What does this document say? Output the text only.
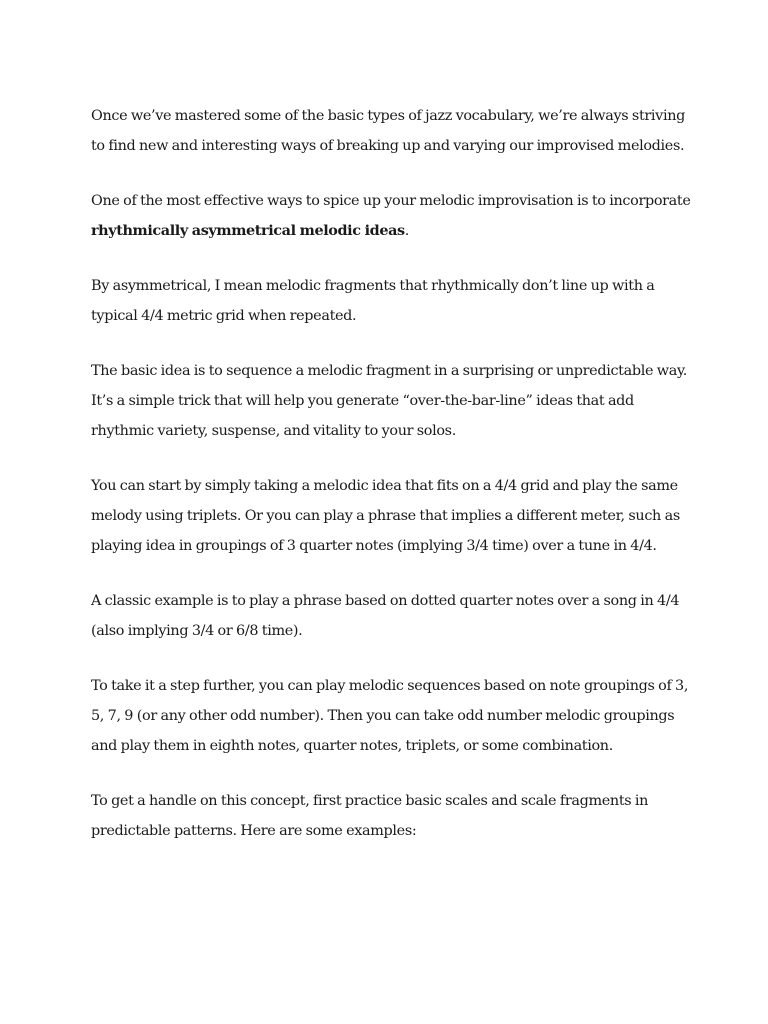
Once we’ve mastered some of the basic types of jazz vocabulary, we’re always striving to find new and interesting ways of breaking up and varying our improvised melodies.

One of the most effective ways to spice up your melodic improvisation is to incorporate rhythmically asymmetrical melodic ideas.

By asymmetrical, I mean melodic fragments that rhythmically don’t line up with a typical 4/4 metric grid when repeated.

The basic idea is to sequence a melodic fragment in a surprising or unpredictable way. It’s a simple trick that will help you generate “over-the-bar-line” ideas that add rhythmic variety, suspense, and vitality to your solos.

You can start by simply taking a melodic idea that fits on a 4/4 grid and play the same melody using triplets. Or you can play a phrase that implies a different meter, such as playing idea in groupings of 3 quarter notes (implying 3/4 time) over a tune in 4/4.

A classic example is to play a phrase based on dotted quarter notes over a song in 4/4 (also implying 3/4 or 6/8 time).

To take it a step further, you can play melodic sequences based on note groupings of 3, 5, 7, 9 (or any other odd number). Then you can take odd number melodic groupings and play them in eighth notes, quarter notes, triplets, or some combination.

To get a handle on this concept, first practice basic scales and scale fragments in predictable patterns. Here are some examples:
